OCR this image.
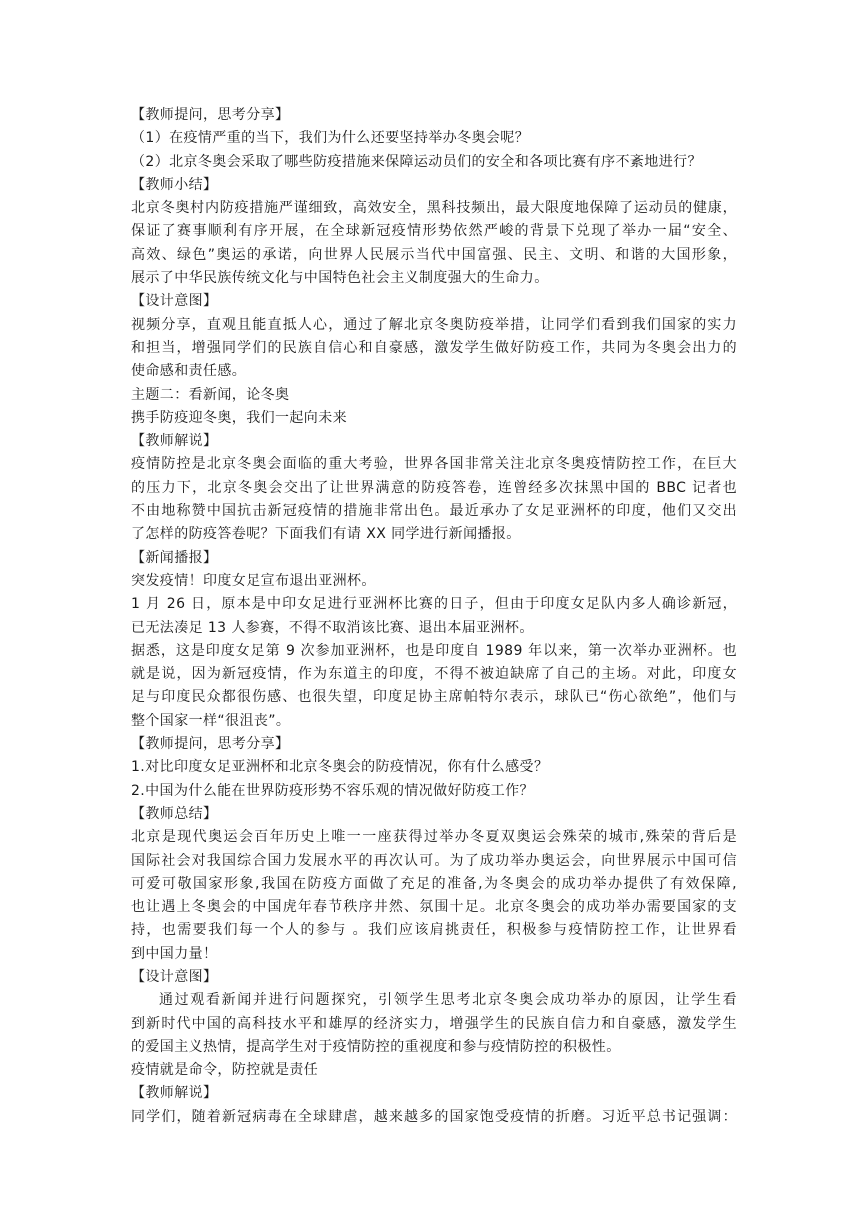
【教师提问，思考分享】
（1）在疫情严重的当下，我们为什么还要坚持举办冬奥会呢？
（2）北京冬奥会采取了哪些防疫措施来保障运动员们的安全和各项比赛有序不紊地进行？
【教师小结】
北京冬奥村内防疫措施严谨细致，高效安全，黑科技频出，最大限度地保障了运动员的健康，
保证了赛事顺利有序开展，在全球新冠疫情形势依然严峻的背景下兑现了举办一届“安全、
高效、绿色”奥运的承诺，向世界人民展示当代中国富强、民主、文明、和谐的大国形象，
展示了中华民族传统文化与中国特色社会主义制度强大的生命力。
【设计意图】
视频分享，直观且能直抵人心，通过了解北京冬奥防疫举措，让同学们看到我们国家的实力
和担当，增强同学们的民族自信心和自豪感，激发学生做好防疫工作，共同为冬奥会出力的
使命感和责任感。
主题二：看新闻，论冬奥
携手防疫迎冬奥，我们一起向未来
【教师解说】
疫情防控是北京冬奥会面临的重大考验，世界各国非常关注北京冬奥疫情防控工作，在巨大
的压力下，北京冬奥会交出了让世界满意的防疫答卷，连曾经多次抹黑中国的 BBC 记者也
不由地称赞中国抗击新冠疫情的措施非常出色。最近承办了女足亚洲杯的印度，他们又交出
了怎样的防疫答卷呢？下面我们有请 XX 同学进行新闻播报。
【新闻播报】
突发疫情！印度女足宣布退出亚洲杯。
1 月 26 日，原本是中印女足进行亚洲杯比赛的日子，但由于印度女足队内多人确诊新冠，
已无法凑足 13 人参赛，不得不取消该比赛、退出本届亚洲杯。
据悉，这是印度女足第 9 次参加亚洲杯，也是印度自 1989 年以来，第一次举办亚洲杯。也
就是说，因为新冠疫情，作为东道主的印度，不得不被迫缺席了自己的主场。对此，印度女
足与印度民众都很伤感、也很失望，印度足协主席帕特尔表示，球队已“伤心欲绝”，他们与
整个国家一样“很沮丧”。
【教师提问，思考分享】
1.对比印度女足亚洲杯和北京冬奥会的防疫情况，你有什么感受？
2.中国为什么能在世界防疫形势不容乐观的情况做好防疫工作？
【教师总结】
北京是现代奥运会百年历史上唯一一座获得过举办冬夏双奥运会殊荣的城市,殊荣的背后是
国际社会对我国综合国力发展水平的再次认可。为了成功举办奥运会，向世界展示中国可信
可爱可敬国家形象,我国在防疫方面做了充足的准备,为冬奥会的成功举办提供了有效保障,
也让遇上冬奥会的中国虎年春节秩序井然、氛围十足。北京冬奥会的成功举办需要国家的支
持，也需要我们每一个人的参与 。我们应该肩挑责任，积极参与疫情防控工作，让世界看
到中国力量！
【设计意图】
通过观看新闻并进行问题探究，引领学生思考北京冬奥会成功举办的原因，让学生看
到新时代中国的高科技水平和雄厚的经济实力，增强学生的民族自信力和自豪感，激发学生
的爱国主义热情，提高学生对于疫情防控的重视度和参与疫情防控的积极性。
疫情就是命令，防控就是责任
【教师解说】
同学们，随着新冠病毒在全球肆虐，越来越多的国家饱受疫情的折磨。习近平总书记强调：
